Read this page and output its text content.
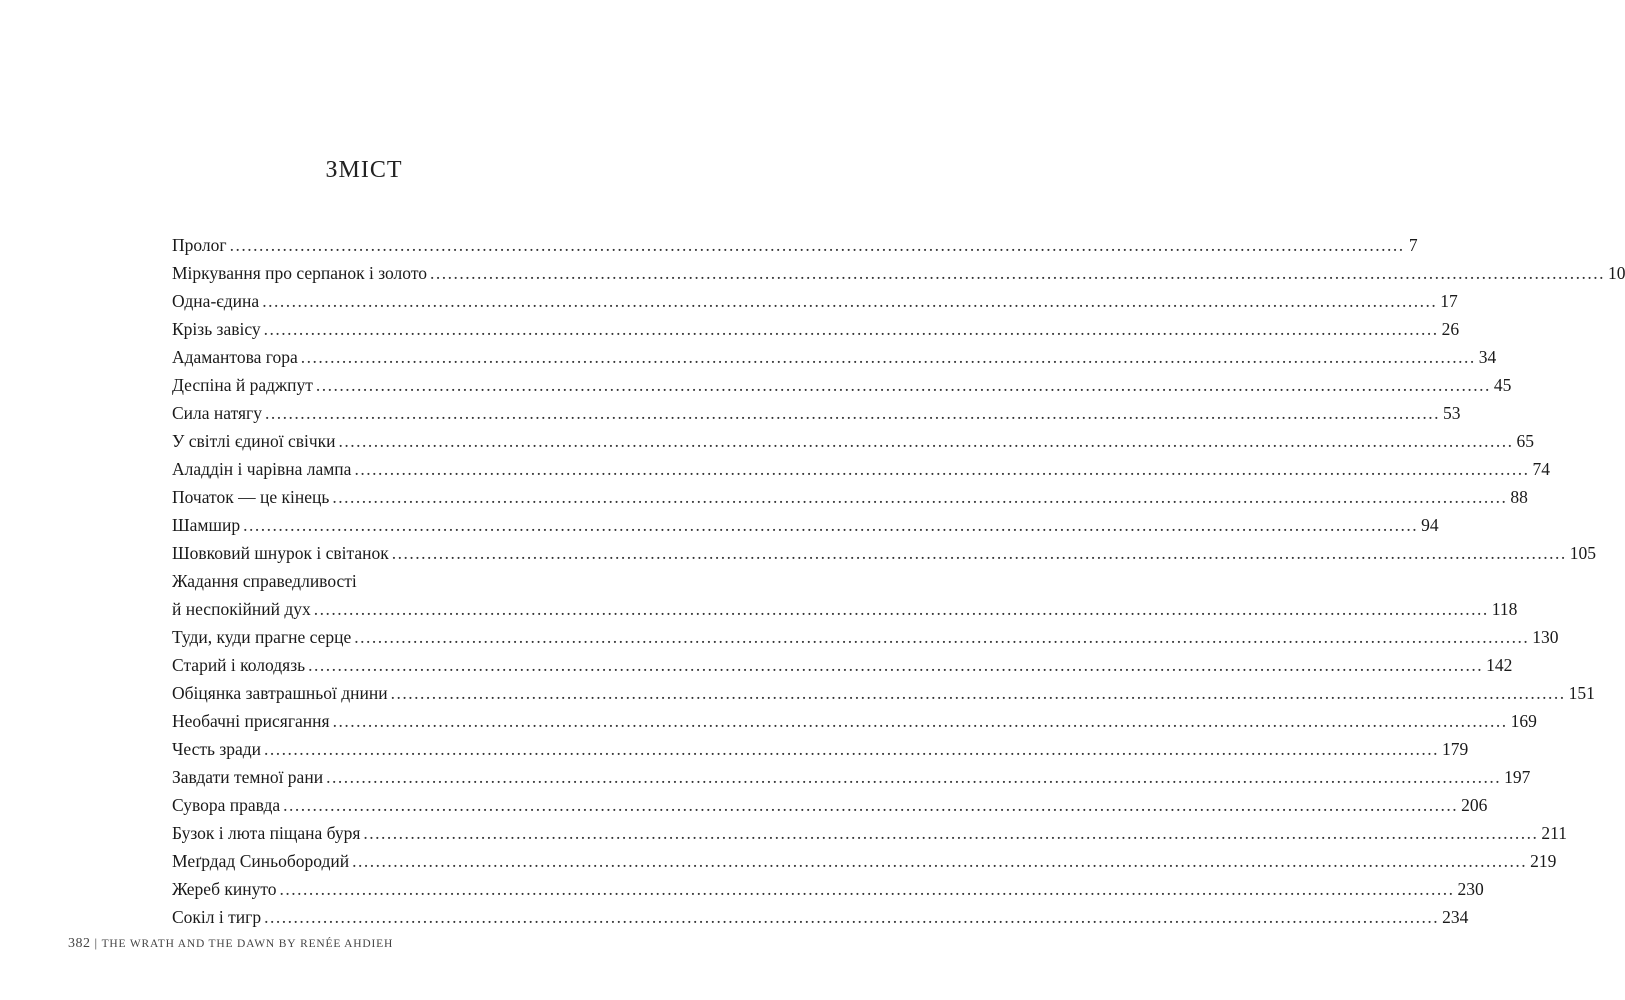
ЗМІСТ
Пролог ........................................................................................................................................................................................................ 7
Міркування про серпанок і золото ........................................................................................................................................................................................................ 10
Одна-єдина ........................................................................................................................................................................................................ 17
Крізь завісу ........................................................................................................................................................................................................ 26
Адамантова гора ........................................................................................................................................................................................................ 34
Деспіна й раджпут ........................................................................................................................................................................................................ 45
Сила натягу ........................................................................................................................................................................................................ 53
У світлі єдиної свічки ........................................................................................................................................................................................................ 65
Аладдін і чарівна лампа ........................................................................................................................................................................................................ 74
Початок — це кінець ........................................................................................................................................................................................................ 88
Шамшир ........................................................................................................................................................................................................ 94
Шовковий шнурок і світанок ........................................................................................................................................................................................................ 105
Жадання справедливості
й неспокійний дух ........................................................................................................................................................................................................ 118
Туди, куди прагне серце ........................................................................................................................................................................................................ 130
Старий і колодязь ........................................................................................................................................................................................................ 142
Обіцянка завтрашньої днини ........................................................................................................................................................................................................ 151
Необачні присягання ........................................................................................................................................................................................................ 169
Честь зради ........................................................................................................................................................................................................ 179
Завдати темної рани ........................................................................................................................................................................................................ 197
Сувора правда ........................................................................................................................................................................................................ 206
Бузок і люта піщана буря ........................................................................................................................................................................................................ 211
Меґрдад Синьобородий ........................................................................................................................................................................................................ 219
Жереб кинуто ........................................................................................................................................................................................................ 230
Сокіл і тигр ........................................................................................................................................................................................................ 234
382 | THE WRATH AND THE DAWN BY RENÉE AHDIEH
